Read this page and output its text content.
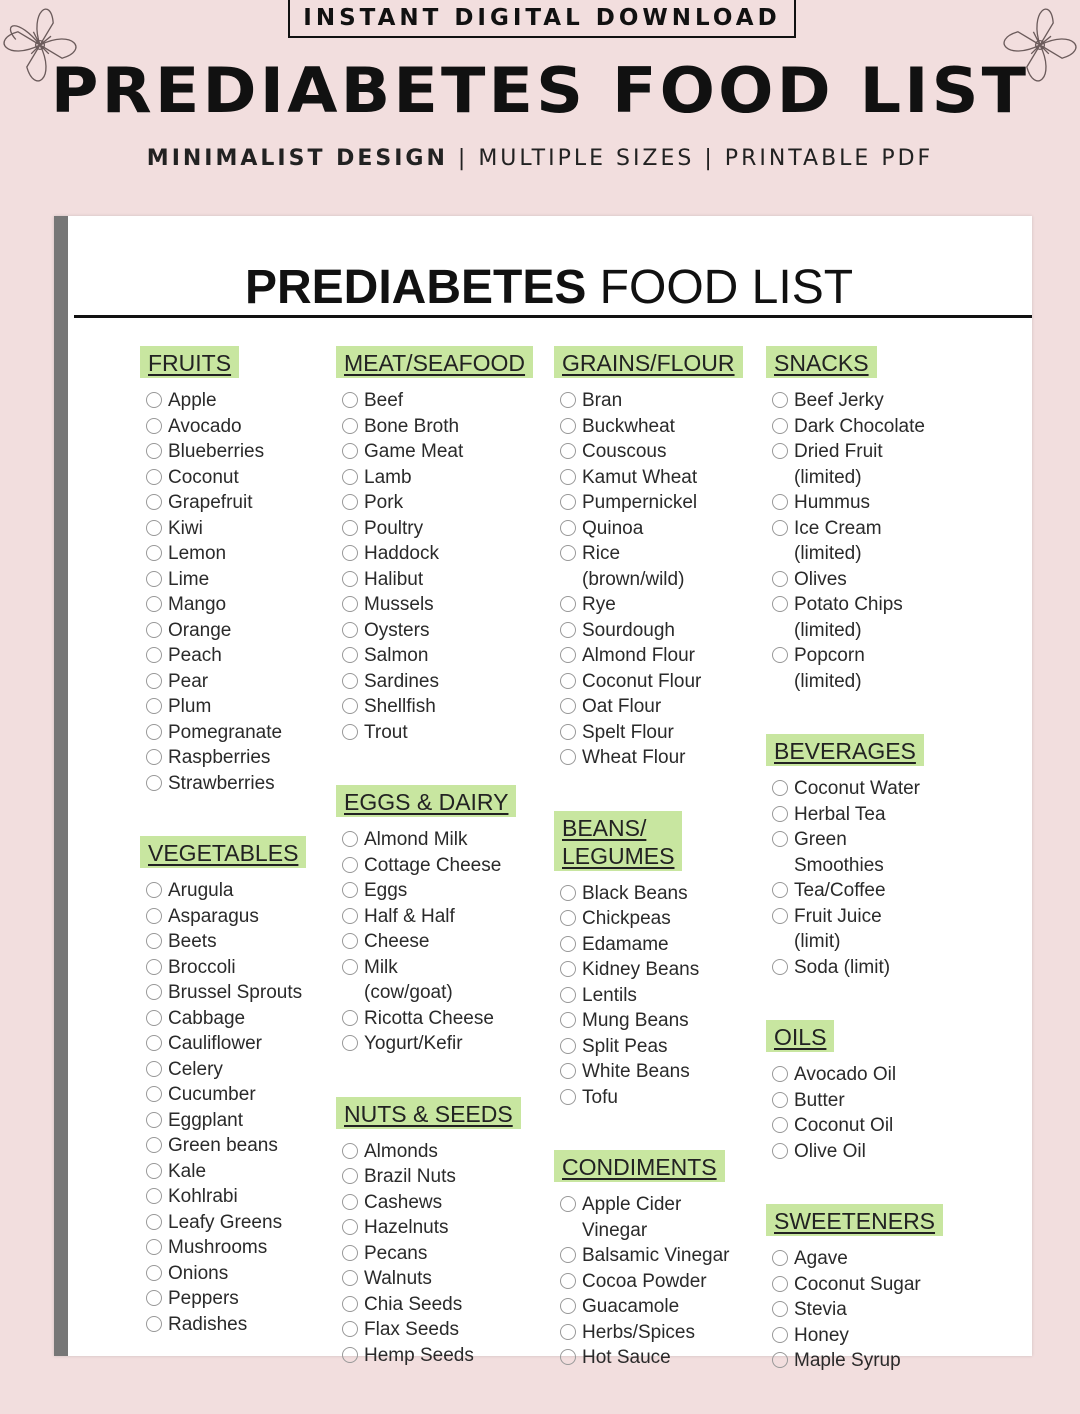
INSTANT DIGITAL DOWNLOAD
PREDIABETES FOOD LIST
MINIMALIST DESIGN | MULTIPLE SIZES | PRINTABLE PDF
PREDIABETES FOOD LIST
FRUITS
Apple
Avocado
Blueberries
Coconut
Grapefruit
Kiwi
Lemon
Lime
Mango
Orange
Peach
Pear
Plum
Pomegranate
Raspberries
Strawberries
VEGETABLES
Arugula
Asparagus
Beets
Broccoli
Brussel Sprouts
Cabbage
Cauliflower
Celery
Cucumber
Eggplant
Green beans
Kale
Kohlrabi
Leafy Greens
Mushrooms
Onions
Peppers
Radishes
MEAT/SEAFOOD
Beef
Bone Broth
Game Meat
Lamb
Pork
Poultry
Haddock
Halibut
Mussels
Oysters
Salmon
Sardines
Shellfish
Trout
EGGS & DAIRY
Almond Milk
Cottage Cheese
Eggs
Half & Half
Cheese
Milk
(cow/goat)
Ricotta Cheese
Yogurt/Kefir
NUTS & SEEDS
Almonds
Brazil Nuts
Cashews
Hazelnuts
Pecans
Walnuts
Chia Seeds
Flax Seeds
Hemp Seeds
GRAINS/FLOUR
Bran
Buckwheat
Couscous
Kamut Wheat
Pumpernickel
Quinoa
Rice
(brown/wild)
Rye
Sourdough
Almond Flour
Coconut Flour
Oat Flour
Spelt Flour
Wheat Flour
BEANS/
LEGUMES
Black Beans
Chickpeas
Edamame
Kidney Beans
Lentils
Mung Beans
Split Peas
White Beans
Tofu
CONDIMENTS
Apple Cider
Vinegar
Balsamic Vinegar
Cocoa Powder
Guacamole
Herbs/Spices
Hot Sauce
SNACKS
Beef Jerky
Dark Chocolate
Dried Fruit
(limited)
Hummus
Ice Cream
(limited)
Olives
Potato Chips
(limited)
Popcorn
(limited)
BEVERAGES
Coconut Water
Herbal Tea
Green
Smoothies
Tea/Coffee
Fruit Juice
(limit)
Soda (limit)
OILS
Avocado Oil
Butter
Coconut Oil
Olive Oil
SWEETENERS
Agave
Coconut Sugar
Stevia
Honey
Maple Syrup
